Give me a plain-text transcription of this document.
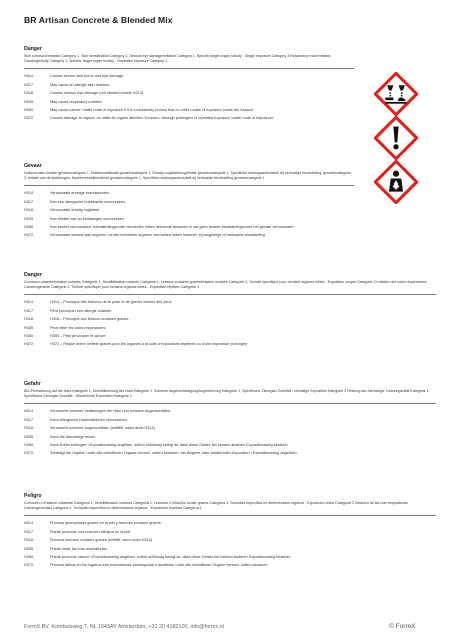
BR Artisan Concrete & Blended Mix
Danger
Skin corrosion/irritation Category 1, Skin sensitization Category 1, Serious eye damage/irritation Category 1, Specific target organ toxicity - Single exposure Category 3 Respiratory tract irritation, Carcinogenicity Category 1, Specific target organ toxicity - Repeated exposure Category 1
H314	Causes severe skin burns and eye damage.
H317	May cause an allergic skin reaction.
H318	Causes serious eye damage (not needed beside H314)
H335	May cause respiratory irritation.
H350	May cause cancer <state route of exposure if it is conclusively proven that no other routes of exposure cause the hazard>
H372	Causes damage to organs <or state all organs affected, if known> through prolonged or repeated exposure <state route of exposure>
Gevaar
Huidcorrosie/-irritatie gevarencategorie 1, Huidsensibilisatie gevarencategorie 1, Ernstig oogletsel/oogirritatie gevarencategorie 1, Specifieke doelorgaantoxiciteit bij eenmalige blootstelling, gevarencategorie 3, irritatie van de luchtwegen, Kankerverwekkendheid gevarencategorie 1, Specifieke doelorgaantoxiciteit bij herhaalde blootstelling gevarencategorie 1
H314	Veroorzaakt ernstige brandwonden.
H317	Kan een allergische huidreactie veroorzaken.
H318	Veroorzaakt ernstig oogletsel.
H335	Kan irritatie van de luchtwegen veroorzaken.
H350	Kan kanker veroorzaken <blootstellingsroute vermelden indien afdoende bewezen is dat geen andere blootstellingsroute het gevaar veroorzaakt>
H372	Veroorzaakt schade aan organen <of alle betrokken organen vermelden indien bekend> bij langdurige of herhaalde blootstelling
Danger
Corrosion cutanée/irritation cutanée Catégorie 1, Sensibilisation cutanée Catégorie 1, Lésions oculaires graves/irritation oculaire Catégorie 1, Toxicité spécifique pour certains organes cibles - Exposition unique Catégorie 3 Irritation des voies respiratoires, Cancérogénicité Catégorie 1, Toxicité spécifique pour certains organes cibles - Exposition répétée Catégorie 1
H314	H314 – Provoque des brûlures de la peau et de graves lésions des yeux.
H317	Peut provoquer une allergie cutanée.
H318	H318 – Provoque des lésions oculaires graves.
H335	Peut irriter les voies respiratoires.
H350	H350 – Peut provoquer le cancer
H372	H372 – Risque avéré d'effets graves pour les organes à la suite d'expositions répétées ou d'une exposition prolongée
Gefahr
Ätz-/Reizwirkung auf die Haut Kategorie 1, Sensibilisierung der Haut Kategorie 1, Schwere Augenschädigung/Augenreizung Kategorie 1, Spezifische Zielorgan-Toxizität - einmalige Exposition Kategorie 3 Reizung der Atemwege, Karzinogenität Kategorie 1, Spezifische Zielorgan-Toxizität - Wiederholte Exposition Kategorie 1
H314	Verursacht schwere Verätzungen der Haut und schwere Augenschäden.
H317	Kann allergische Hautreaktionen verursachen.
H318	Verursacht schwere Augenschäden (entfällt, wenn auch H314)
H335	Kann die Atemwege reizen.
H350	Kann Krebs erzeugen <Expositionsweg angeben, sofern schlüssig belegt ist, dass diese Gefahr bei keinem anderen Expositionsweg besteht>
H372	Schädigt die Organe <oder alle betroffenen Organe nennen, sofern bekannt> bei längerer oder wiederholter Exposition <Expositionsweg angeben>
Peligro
Corrosión o irritación cutáneas Categoría 1, Sensibilización cutánea Categoría 1, Lesiones o irritación ocular graves Categoría 1, Toxicidad específica en determinados órganos - Exposición única Categoría 3 Irritación de las vías respiratorias, Carcinogenicidad Categoría 1, Toxicidad específica en determinados órganos - Exposición repetida Categoría 1
H314	Provoca quemaduras graves en la piel y lesiones oculares graves.
H317	Puede provocar una reacción alérgica en la piel.
H318	Provoca lesiones oculares graves (entfällt, wenn auch H314)
H335	Puede irritar las vías respiratorias.
H350	Puede provocar cáncer <Expositionsweg angeben, sofern schlüssig belegt ist, dass diese Gefahr bei keinem anderen Expositionsweg besteht>
H372	Provoca daños en los órganos tras exposiciones prolongadas o repetidas <oder alle betroffenen Organe nennen, sofern bekannt>
FormX BV, Kombuisweg 7, NL 1043AY Amsterdam, +31 20 4182100, info@formx.nl	© FormX
